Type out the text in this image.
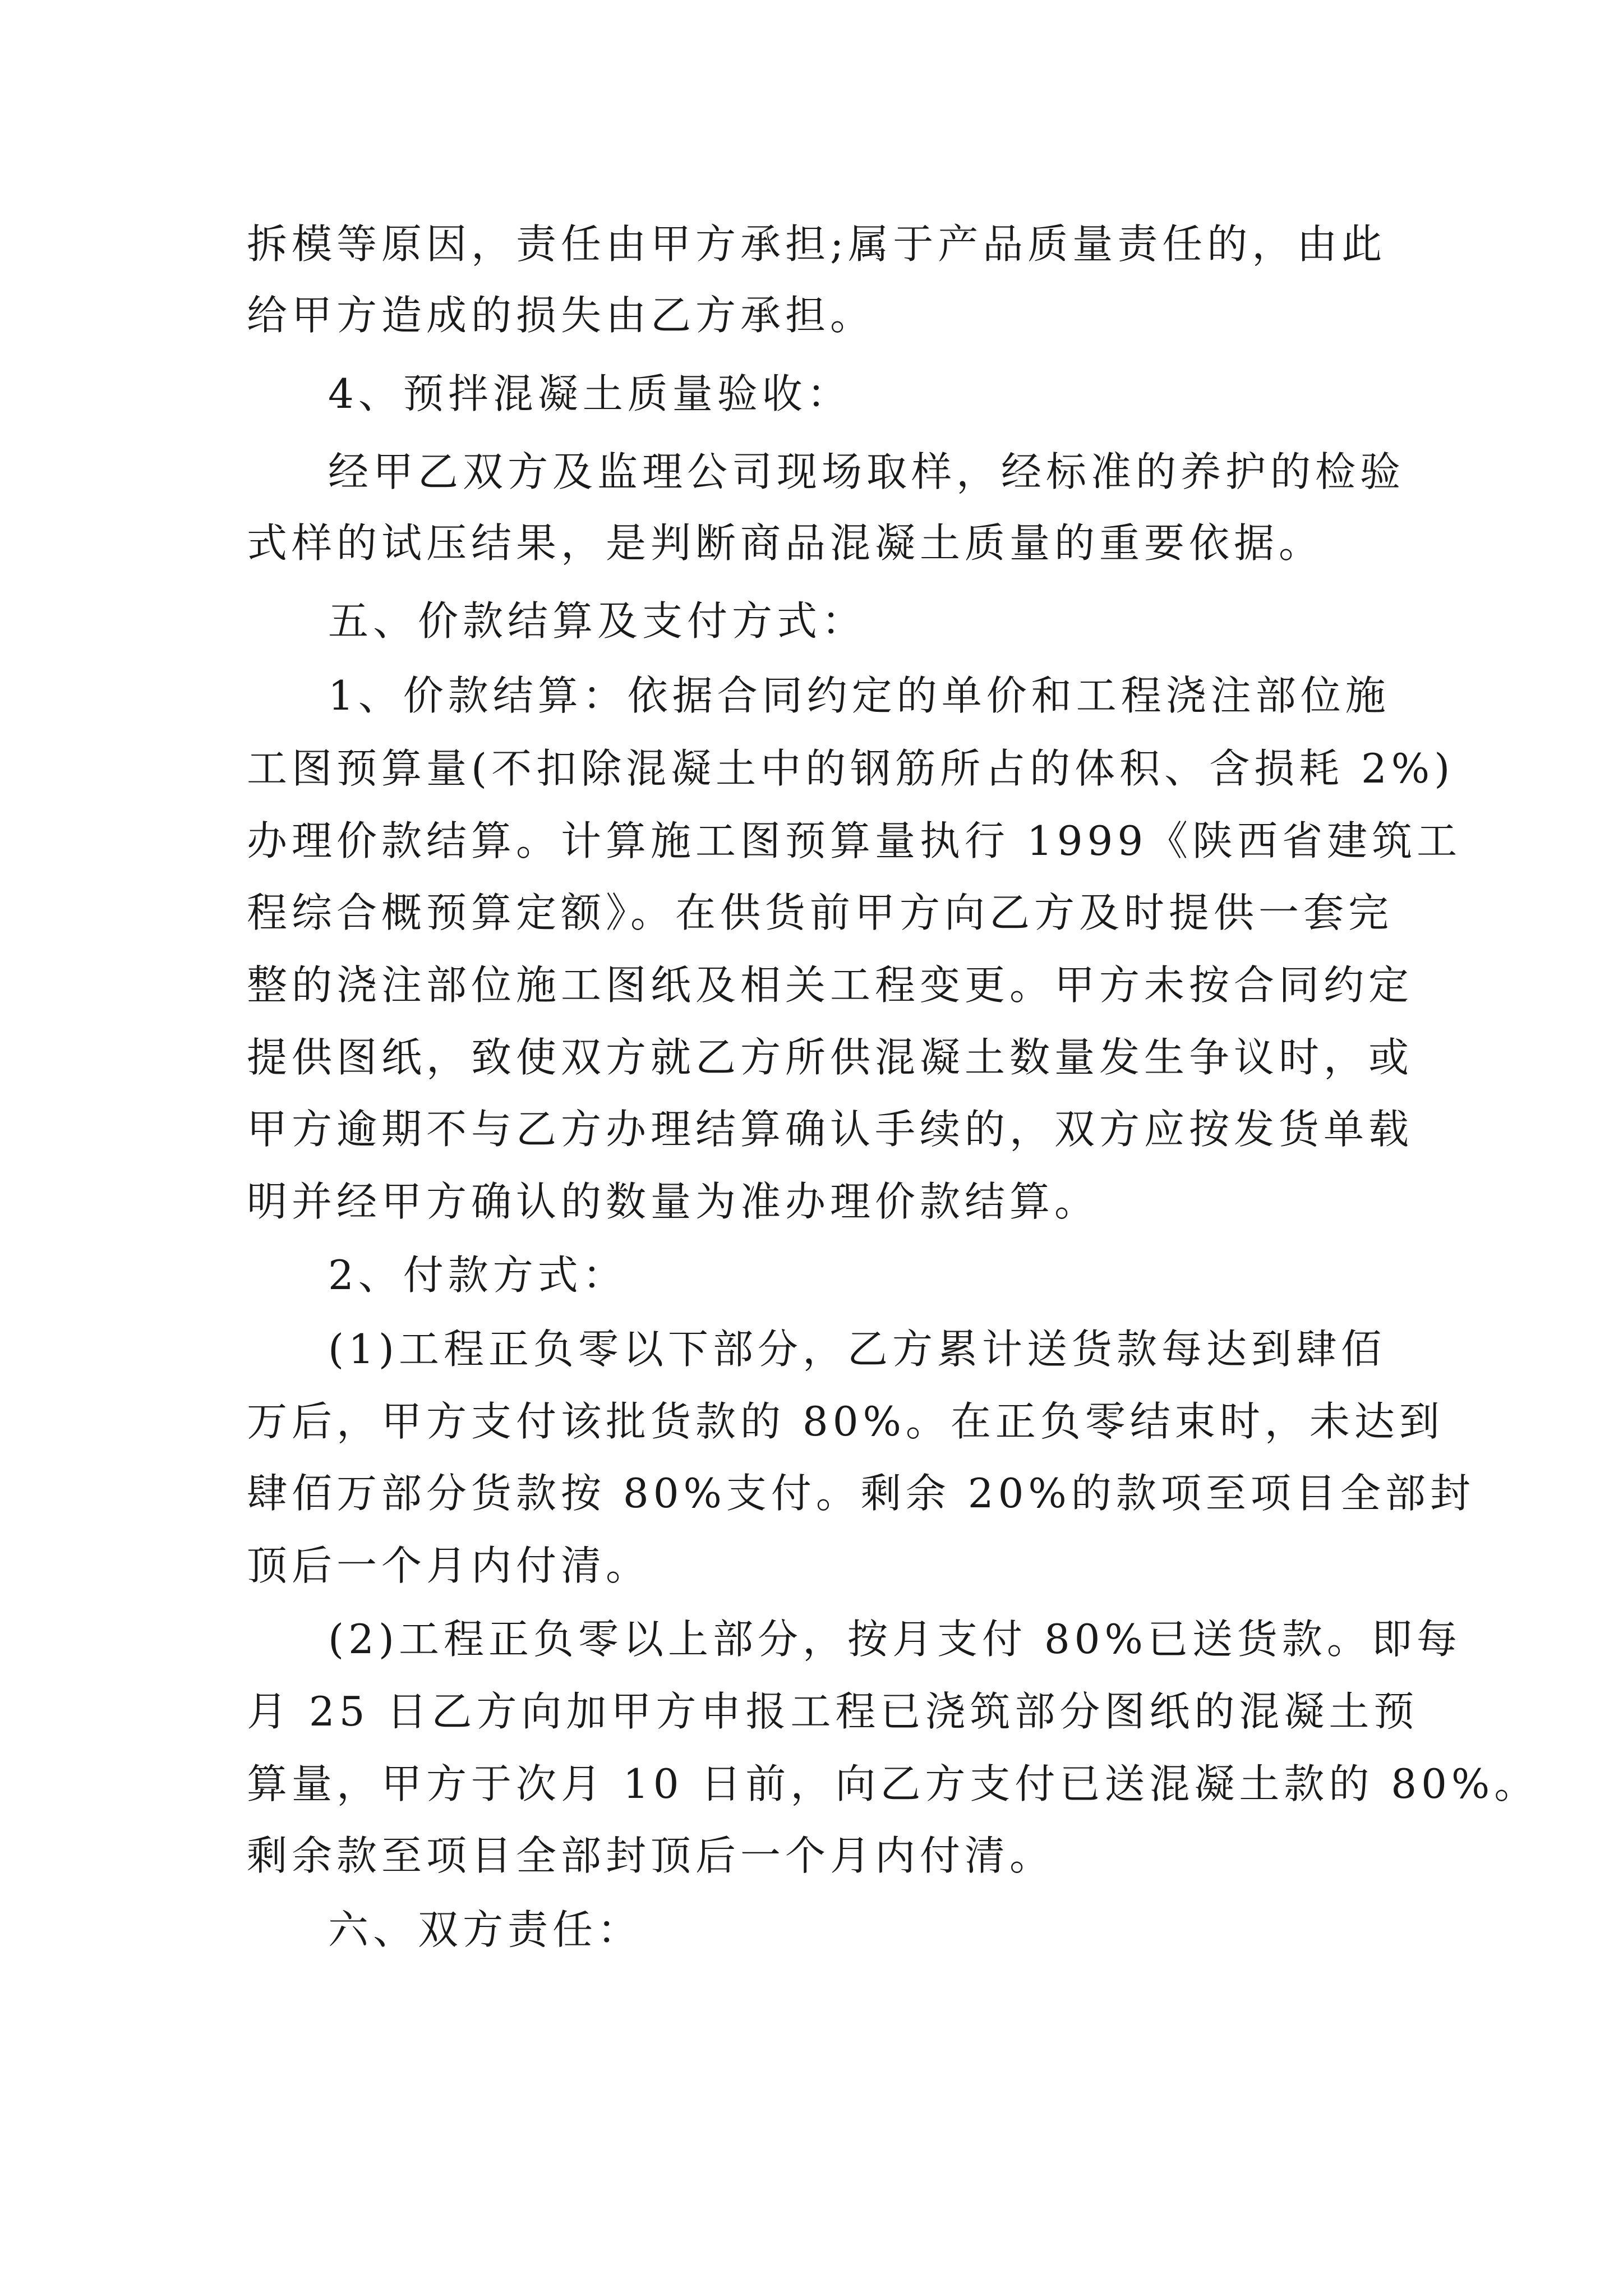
拆模等原因，责任由甲方承担;属于产品质量责任的，由此
给甲方造成的损失由乙方承担。
4、预拌混凝土质量验收：
经甲乙双方及监理公司现场取样，经标准的养护的检验
式样的试压结果，是判断商品混凝土质量的重要依据。
五、价款结算及支付方式：
1、价款结算：依据合同约定的单价和工程浇注部位施
工图预算量(不扣除混凝土中的钢筋所占的体积、含损耗 2%)
办理价款结算。计算施工图预算量执行 1999《陕西省建筑工
程综合概预算定额》。在供货前甲方向乙方及时提供一套完
整的浇注部位施工图纸及相关工程变更。甲方未按合同约定
提供图纸，致使双方就乙方所供混凝土数量发生争议时，或
甲方逾期不与乙方办理结算确认手续的，双方应按发货单载
明并经甲方确认的数量为准办理价款结算。
2、付款方式：
(1)工程正负零以下部分，乙方累计送货款每达到肆佰
万后，甲方支付该批货款的 80%。在正负零结束时，未达到
肆佰万部分货款按 80%支付。剩余 20%的款项至项目全部封
顶后一个月内付清。
(2)工程正负零以上部分，按月支付 80%已送货款。即每
月 25 日乙方向加甲方申报工程已浇筑部分图纸的混凝土预
算量，甲方于次月 10 日前，向乙方支付已送混凝土款的 80%。
剩余款至项目全部封顶后一个月内付清。
六、双方责任：
